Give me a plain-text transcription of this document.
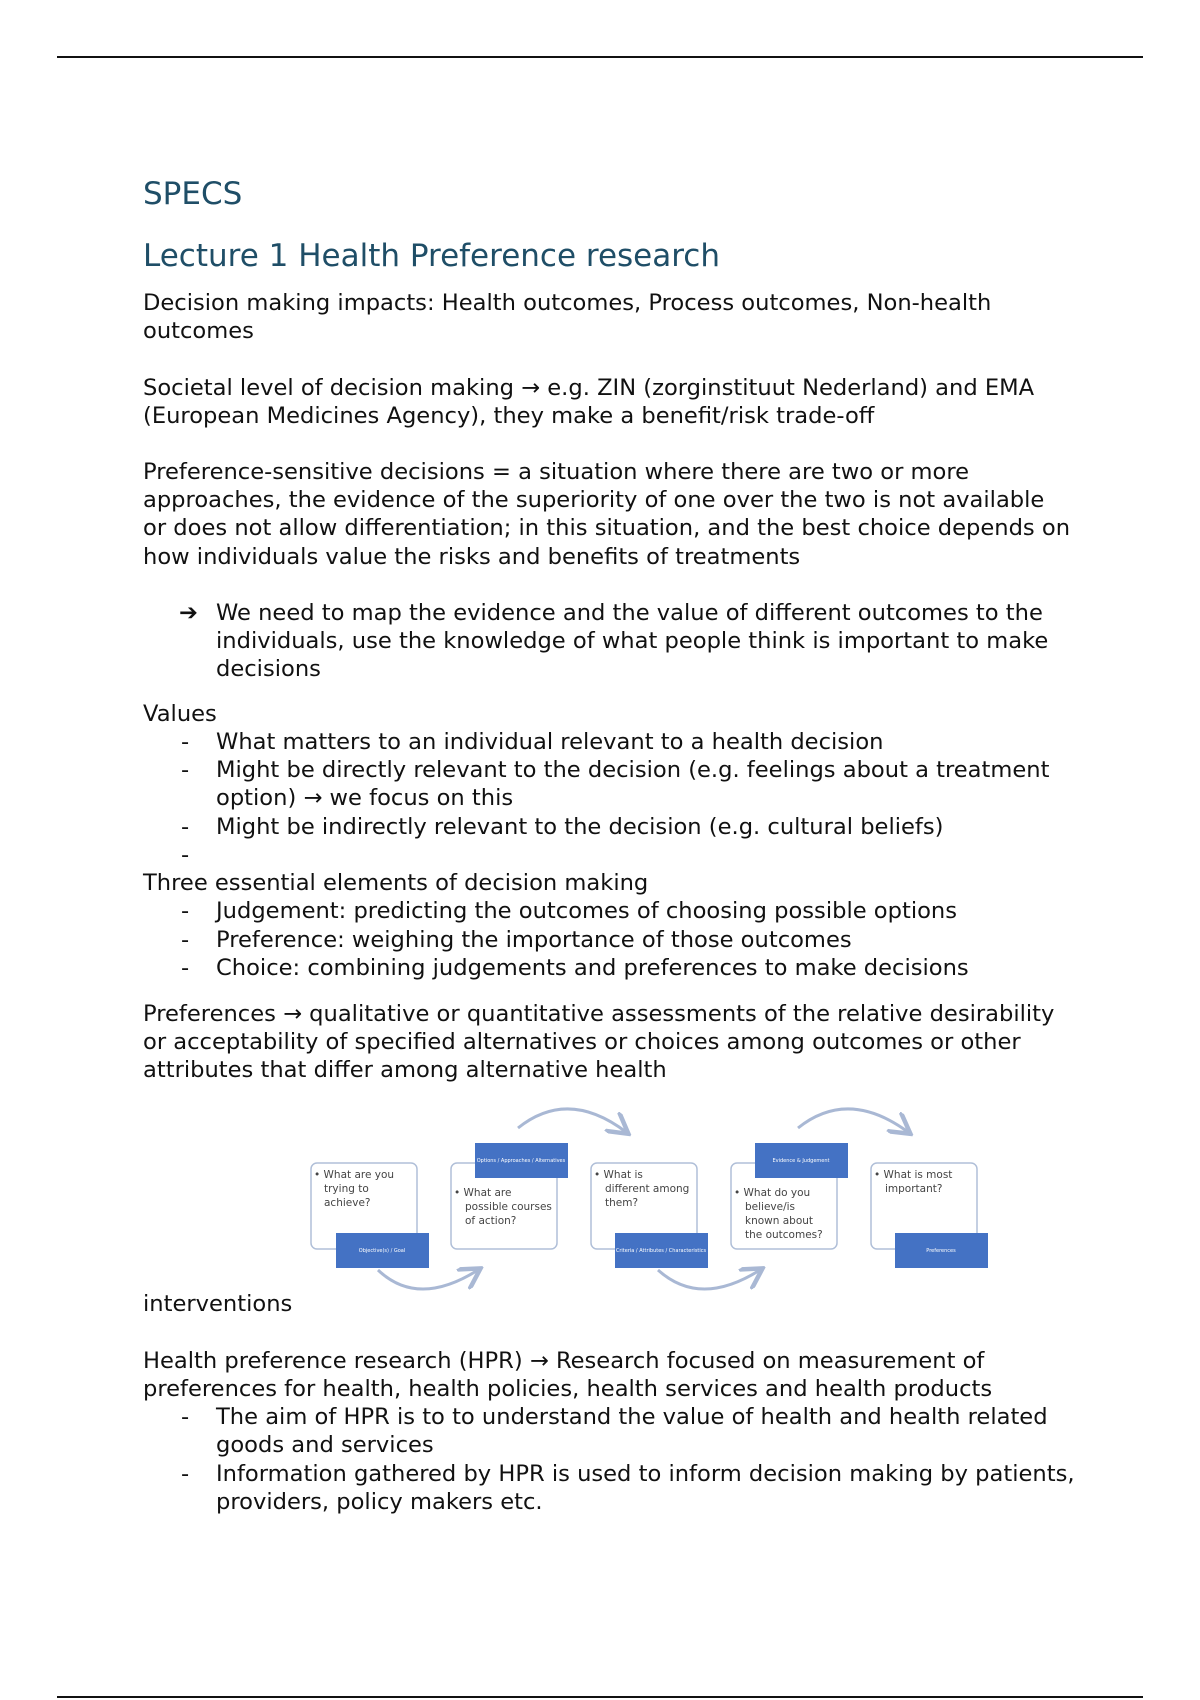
SPECS
Lecture 1 Health Preference research

Decision making impacts: Health outcomes, Process outcomes, Non-health outcomes

Societal level of decision making → e.g. ZIN (zorginstituut Nederland) and EMA (European Medicines Agency), they make a benefit/risk trade-off

Preference-sensitive decisions = a situation where there are two or more approaches, the evidence of the superiority of one over the two is not available or does not allow differentiation; in this situation, and the best choice depends on how individuals value the risks and benefits of treatments

➔ We need to map the evidence and the value of different outcomes to the individuals, use the knowledge of what people think is important to make decisions

Values

- What matters to an individual relevant to a health decision
- Might be directly relevant to the decision (e.g. feelings about a treatment option) → we focus on this
- Might be indirectly relevant to the decision (e.g. cultural beliefs)
-

Three essential elements of decision making

- Judgement: predicting the outcomes of choosing possible options
- Preference: weighing the importance of those outcomes
- Choice: combining judgements and preferences to make decisions

Preferences → qualitative or quantitative assessments of the relative desirability or acceptability of specified alternatives or choices among outcomes or other attributes that differ among alternative health

interventions

Health preference research (HPR) → Research focused on measurement of preferences for health, health policies, health services and health products

- The aim of HPR is to to understand the value of health and health related goods and services
- Information gathered by HPR is used to inform decision making by patients, providers, policy makers etc.
Objective(s) / Goal
Options / Approaches / Alternatives
Criteria / Attributes / Characteristics
Evidence & Judgement
Preferences
• What are you trying to achieve?
• What are possible courses of action?
• What is different among them?
• What do you believe/is known about the outcomes?
• What is most important?
